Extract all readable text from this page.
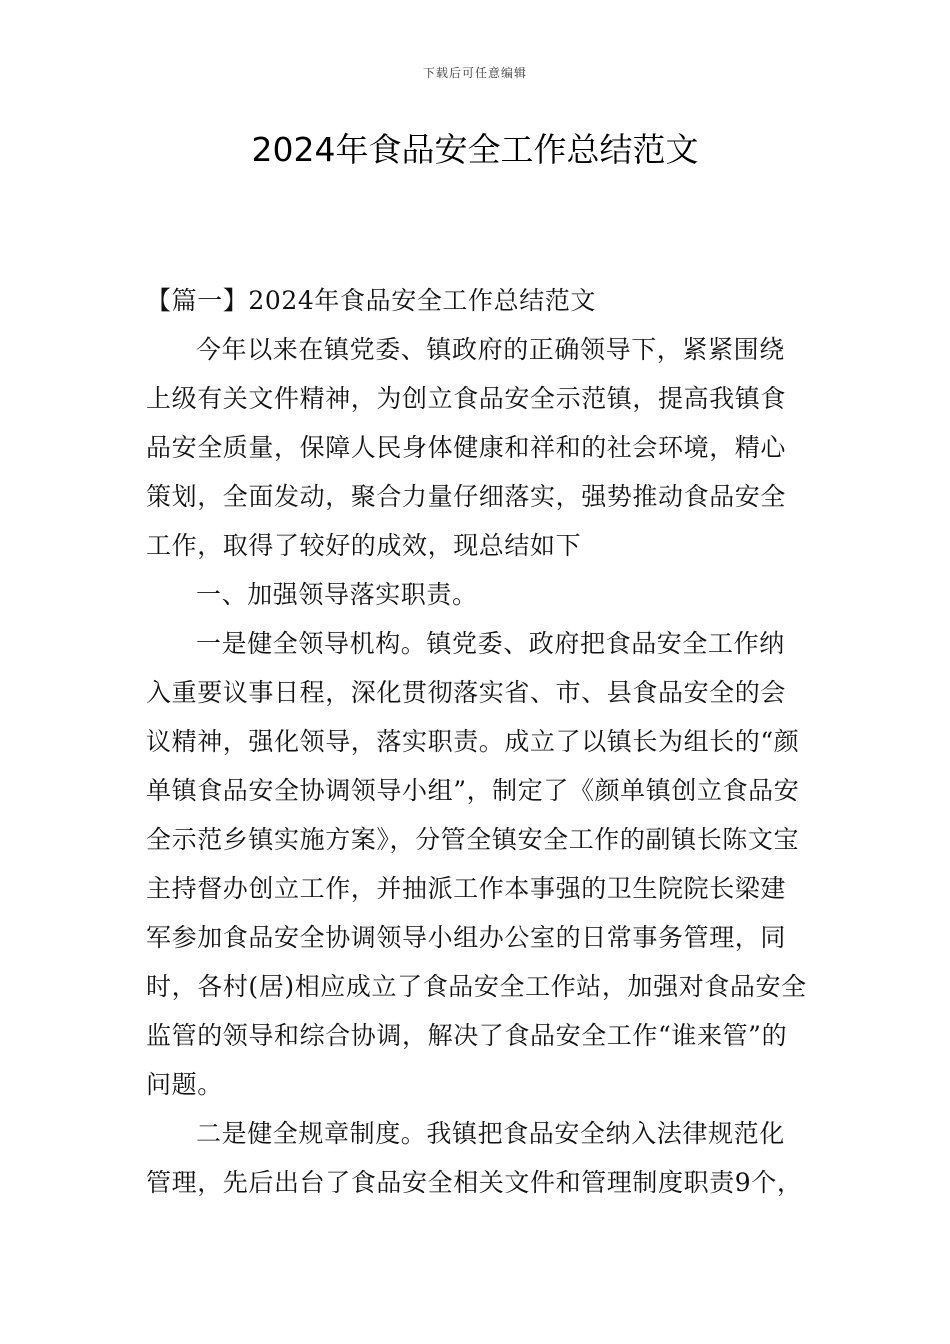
下载后可任意编辑
2024年食品安全工作总结范文

【篇一】2024年食品安全工作总结范文

今年以来在镇党委、镇政府的正确领导下，紧紧围绕上级有关文件精神，为创立食品安全示范镇，提高我镇食品安全质量，保障人民身体健康和祥和的社会环境，精心策划，全面发动，聚合力量仔细落实，强势推动食品安全工作，取得了较好的成效，现总结如下

一、加强领导落实职责。

一是健全领导机构。镇党委、政府把食品安全工作纳入重要议事日程，深化贯彻落实省、市、县食品安全的会议精神，强化领导，落实职责。成立了以镇长为组长的“颜单镇食品安全协调领导小组”，制定了《颜单镇创立食品安全示范乡镇实施方案》，分管全镇安全工作的副镇长陈文宝主持督办创立工作，并抽派工作本事强的卫生院院长梁建军参加食品安全协调领导小组办公室的日常事务管理，同时，各村(居)相应成立了食品安全工作站，加强对食品安全监管的领导和综合协调，解决了食品安全工作“谁来管”的问题。

二是健全规章制度。我镇把食品安全纳入法律规范化管理，先后出台了食品安全相关文件和管理制度职责9个，
